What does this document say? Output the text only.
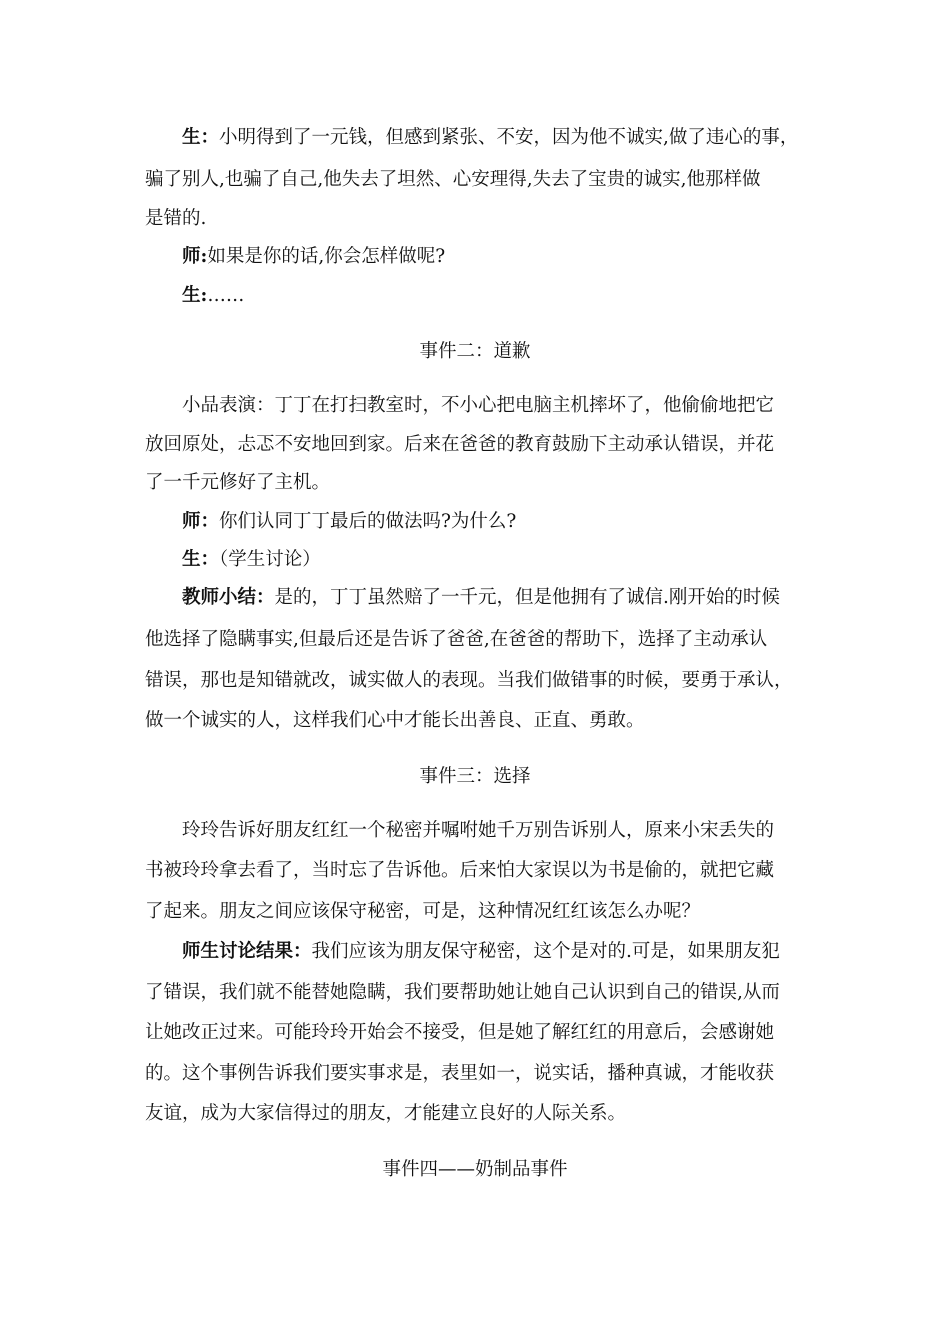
生：小明得到了一元钱，但感到紧张、不安，因为他不诚实,做了违心的事，
骗了别人,也骗了自己,他失去了坦然、心安理得,失去了宝贵的诚实,他那样做
是错的.
师:如果是你的话,你会怎样做呢?
生:……
事件二：道歉
小品表演：丁丁在打扫教室时，不小心把电脑主机摔坏了，他偷偷地把它
放回原处，忐忑不安地回到家。后来在爸爸的教育鼓励下主动承认错误，并花
了一千元修好了主机。
师：你们认同丁丁最后的做法吗?为什么?
生：（学生讨论）
教师小结：是的，丁丁虽然赔了一千元，但是他拥有了诚信.刚开始的时候
他选择了隐瞒事实,但最后还是告诉了爸爸,在爸爸的帮助下，选择了主动承认
错误，那也是知错就改，诚实做人的表现。当我们做错事的时候，要勇于承认，
做一个诚实的人，这样我们心中才能长出善良、正直、勇敢。
事件三：选择
玲玲告诉好朋友红红一个秘密并嘱咐她千万别告诉别人，原来小宋丢失的
书被玲玲拿去看了，当时忘了告诉他。后来怕大家误以为书是偷的，就把它藏
了起来。朋友之间应该保守秘密，可是，这种情况红红该怎么办呢？
师生讨论结果：我们应该为朋友保守秘密，这个是对的.可是，如果朋友犯
了错误，我们就不能替她隐瞒，我们要帮助她让她自己认识到自己的错误,从而
让她改正过来。可能玲玲开始会不接受，但是她了解红红的用意后，会感谢她
的。这个事例告诉我们要实事求是，表里如一，说实话，播种真诚，才能收获
友谊，成为大家信得过的朋友，才能建立良好的人际关系。
事件四——奶制品事件
